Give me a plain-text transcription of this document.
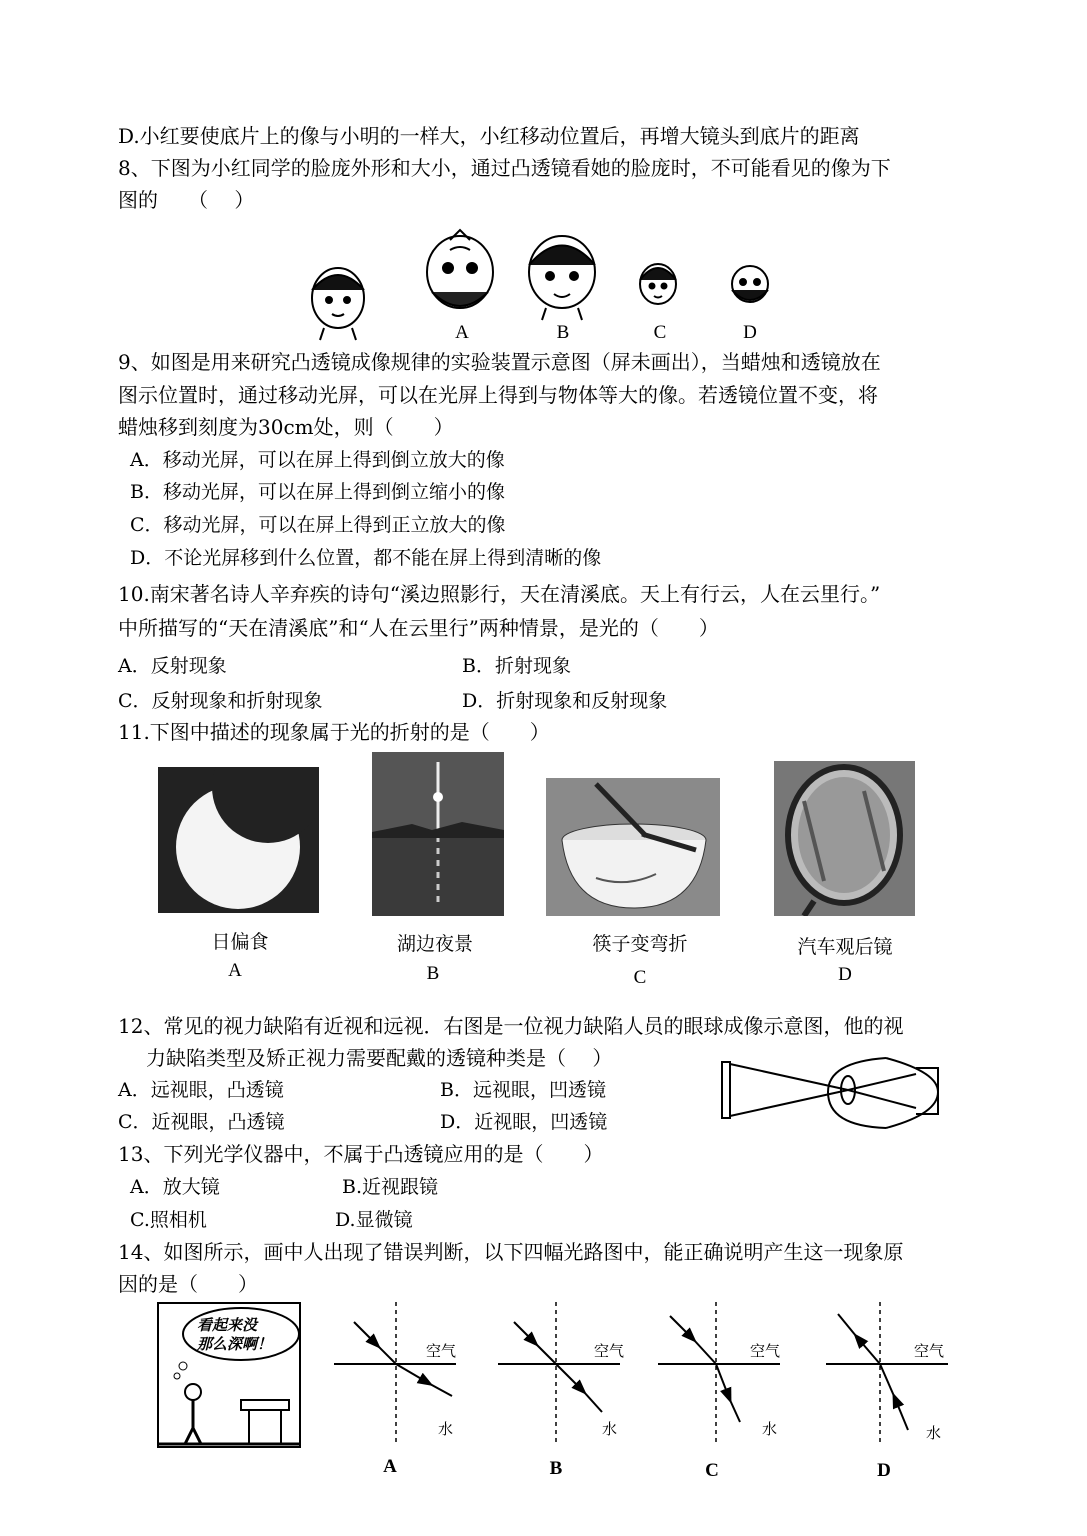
D.小红要使底片上的像与小明的一样大，小红移动位置后，再增大镜头到底片的距离
8、下图为小红同学的脸庞外形和大小，通过凸透镜看她的脸庞时，不可能看见的像为下
图的　　（　 ）
A	B	C	D
9、如图是用来研究凸透镜成像规律的实验装置示意图（屏未画出），当蜡烛和透镜放在
图示位置时，通过移动光屏，可以在光屏上得到与物体等大的像。若透镜位置不变，将
蜡烛移到刻度为30cm处，则（　　）
A．移动光屏，可以在屏上得到倒立放大的像
B．移动光屏，可以在屏上得到倒立缩小的像
C．移动光屏，可以在屏上得到正立放大的像
D．不论光屏移到什么位置，都不能在屏上得到清晰的像
10.南宋著名诗人辛弃疾的诗句“溪边照影行，天在清溪底。天上有行云，人在云里行。”
中所描写的“天在清溪底”和“人在云里行”两种情景，是光的（　　）
A．反射现象	B．折射现象
C．反射现象和折射现象	D．折射现象和反射现象
11.下图中描述的现象属于光的折射的是（　　）
日偏食	湖边夜景	筷子变弯折	汽车观后镜
A	B	C	D
12、常见的视力缺陷有近视和远视．右图是一位视力缺陷人员的眼球成像示意图，他的视
力缺陷类型及矫正视力需要配戴的透镜种类是（　 ）
A．远视眼，凸透镜	B．远视眼，凹透镜
C．近视眼，凸透镜	D．近视眼，凹透镜
13、下列光学仪器中，不属于凸透镜应用的是（　　）
A．放大镜	B.近视跟镜
C.照相机	D.显微镜
14、如图所示，画中人出现了错误判断，以下四幅光路图中，能正确说明产生这一现象原
因的是（　　）
看起来没
那么深啊！	空气
水
空气
水
空气
水
空气
水
A	B	C	D
